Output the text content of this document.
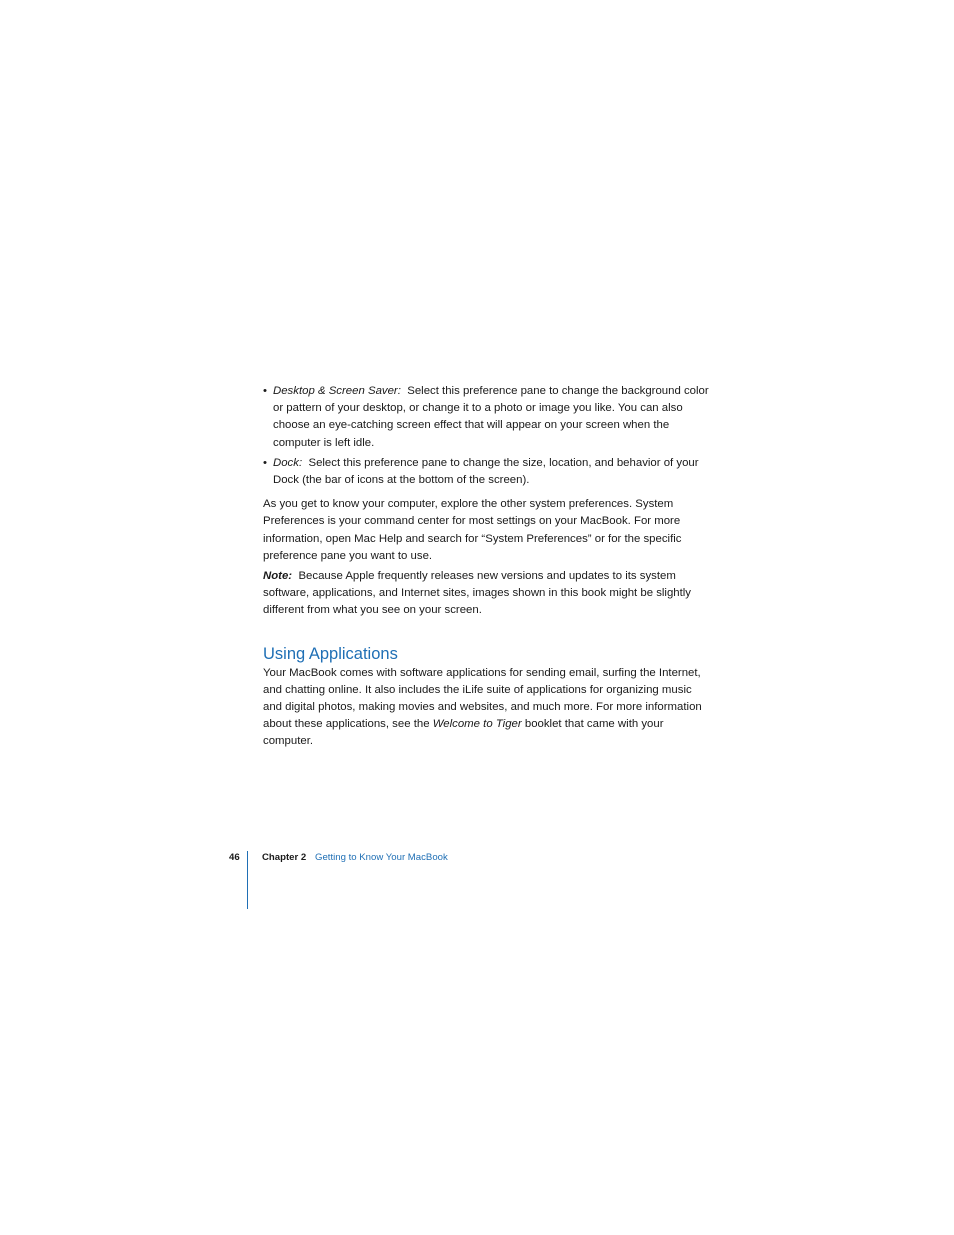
• Desktop & Screen Saver: Select this preference pane to change the background color or pattern of your desktop, or change it to a photo or image you like. You can also choose an eye-catching screen effect that will appear on your screen when the computer is left idle.
• Dock: Select this preference pane to change the size, location, and behavior of your Dock (the bar of icons at the bottom of the screen).

As you get to know your computer, explore the other system preferences. System Preferences is your command center for most settings on your MacBook. For more information, open Mac Help and search for “System Preferences” or for the specific preference pane you want to use.

Note: Because Apple frequently releases new versions and updates to its system software, applications, and Internet sites, images shown in this book might be slightly different from what you see on your screen.

Using Applications

Your MacBook comes with software applications for sending email, surfing the Internet, and chatting online. It also includes the iLife suite of applications for organizing music and digital photos, making movies and websites, and much more. For more information about these applications, see the Welcome to Tiger booklet that came with your computer.

46 Chapter 2 Getting to Know Your MacBook
